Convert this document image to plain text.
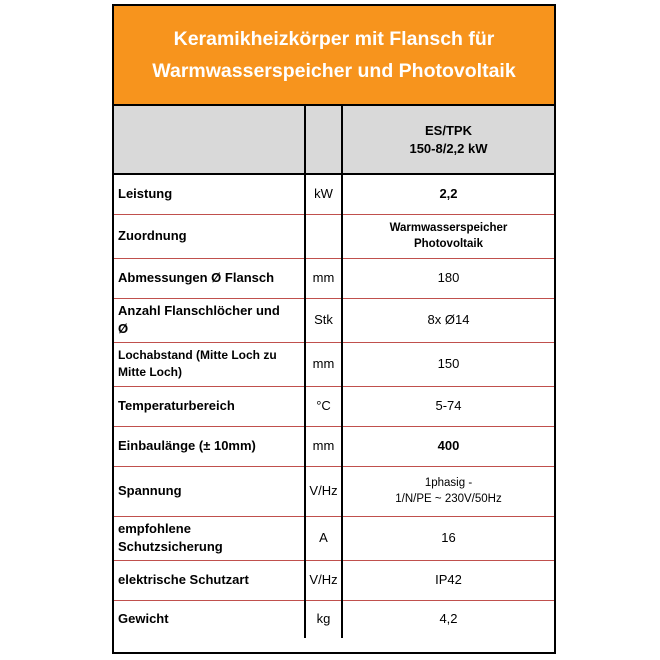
Keramikheizkörper mit Flansch für Warmwasserspeicher und Photovoltaik

		ES/TPK
150-8/2,2 kW

Leistung	kW	2,2
Zuordnung		Warmwasserspeicher
Photovoltaik

Abmessungen Ø Flansch	mm	180

Anzahl Flanschlöcher und
Ø	Stk	8x Ø14

Lochabstand (Mitte Loch zu
Mitte Loch)	mm	150
Temperaturbereich	°C	5-74
Einbaulänge (± 10mm)	mm	400
Spannung	V/Hz	1phasig -
1/N/PE ~ 230V/50Hz

empfohlene
Schutzsicherung	A	16
elektrische Schutzart	V/Hz	IP42
Gewicht	kg	4,2
